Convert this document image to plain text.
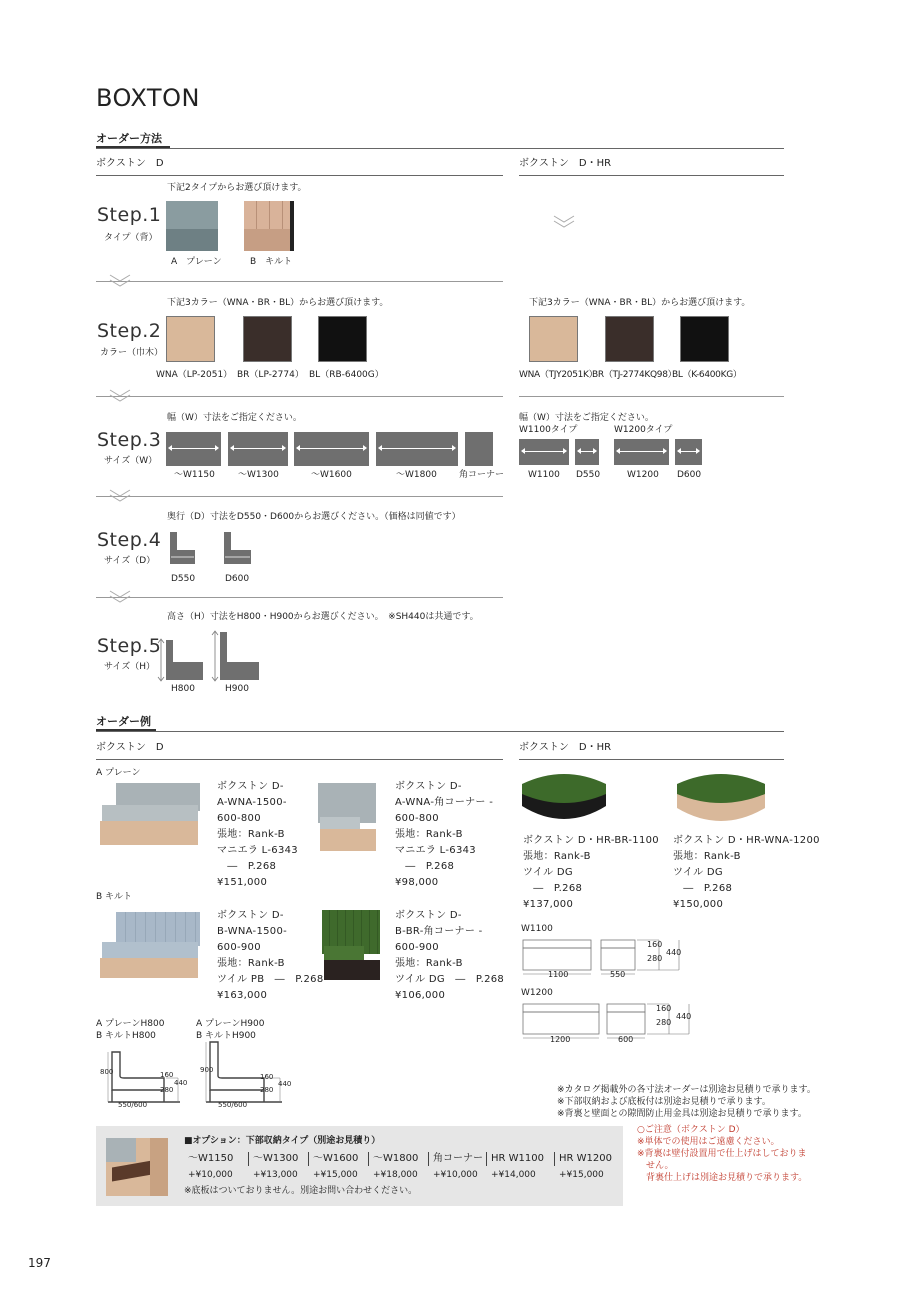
BOXTON
オーダー方法
ボクストン　D	ボクストン　D・HR
下記2タイプからお選び頂けます。
Step.1
タイプ（背）
A　プレーン	B　キルト
下記3カラー（WNA・BR・BL）からお選び頂けます。	下記3カラー（WNA・BR・BL）からお選び頂けます。
Step.2
カラー（巾木）
WNA（LP-2051） BR（LP-2774） BL（RB-6400G）	WNA（TJY2051K）
BR（TJ-2774KQ98）
BL（K-6400KG）
幅（W）寸法をご指定ください。	幅（W）寸法をご指定ください。
W1100タイプ	W1200タイプ
Step.3
サイズ（W）
～W1150	～W1300	～W1600	～W1800 角コーナー	W1100 D550	W1200 D600
奥行（D）寸法をD550・D600からお選びください。（価格は同値です）
Step.4
サイズ（D）
D550	D600
高さ（H）寸法をH800・H900からお選びください。　※SH440は共通です。
Step.5
サイズ（H）
H800	H900
オーダー例
ボクストン　D	ボクストン　D・HR
A プレーン
B キルト
ボクストン D-
A-WNA-1500-
600-800
張地：Rank-B
マニエラ L-6343
　―　P.268
¥151,000
ボクストン D-
A-WNA-角コーナー -
600-800
張地：Rank-B
マニエラ L-6343
　―　P.268
¥98,000
ボクストン D-
B-WNA-1500-
600-900
張地：Rank-B
ツイル PB　―　P.268
¥163,000
ボクストン D-
B-BR-角コーナー -
600-900
張地：Rank-B
ツイル DG　―　P.268
¥106,000
ボクストン D・HR-BR-1100
張地：Rank-B
ツイル DG
　―　P.268
¥137,000
ボクストン D・HR-WNA-1200
張地：Rank-B
ツイル DG
　―　P.268
¥150,000
W1100
1100	550
160
280
440
W1200
1200	600
160
280
440
A プレーンH800
B キルトH800
A プレーンH900
B キルトH900
800	160
280
440
550/600
900
160
280
440
550/600
※カタログ掲載外の各寸法オーダーは別途お見積りで承ります。
※下部収納および底板付は別途お見積りで承ります。
※背裏と壁面との隙間防止用金具は別途お見積りで承ります。
■オプション：下部収納タイプ（別途お見積り）
～W1150	～W1300	～W1600	～W1800	角コーナー HR W1100	HR W1200
+¥10,000	+¥13,000	+¥15,000	+¥18,000	+¥10,000	+¥14,000	+¥15,000
※底板はついておりません。別途お問い合わせください。
○ご注意（ボクストン D）
※単体での使用はご遠慮ください。
※背裏は壁付設置用で仕上げはしておりま
せん。
背裏仕上げは別途お見積りで承ります。
197
